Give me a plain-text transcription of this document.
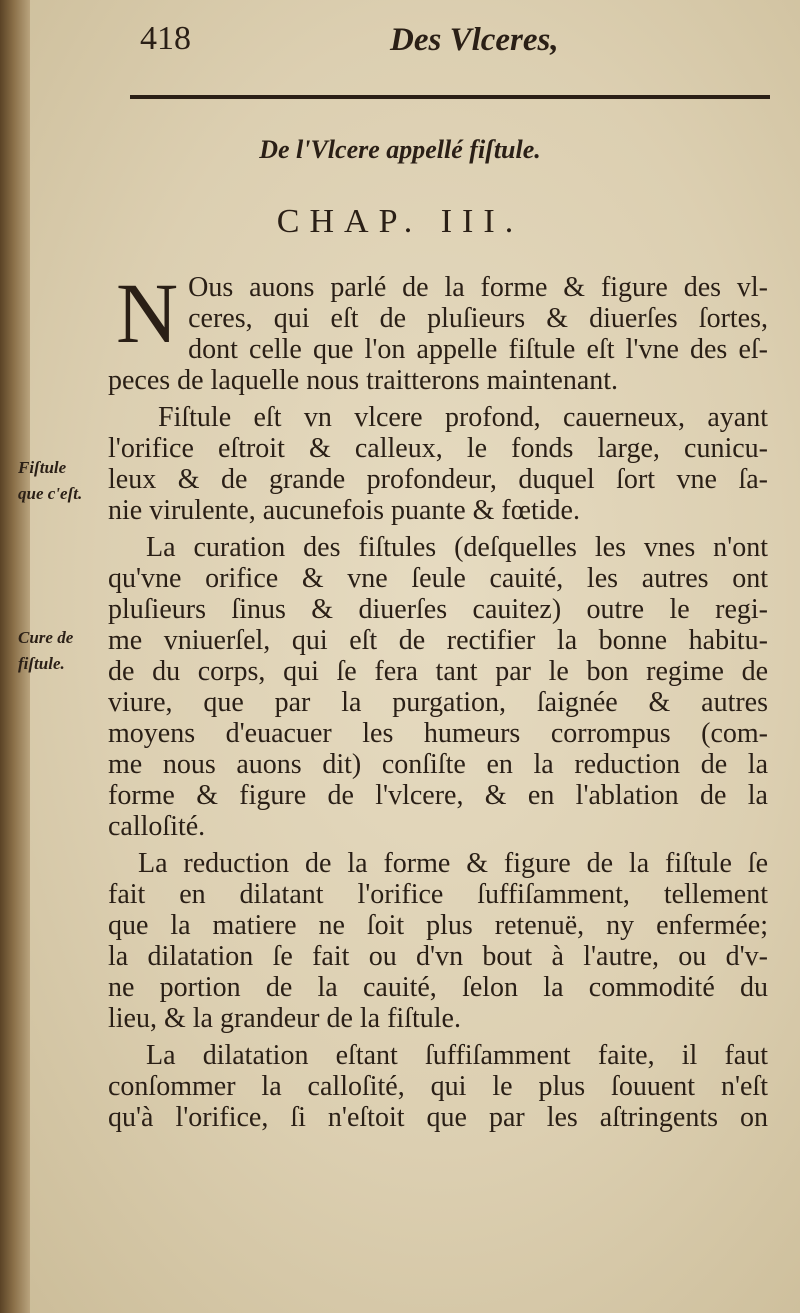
418	Des Vlceres,
De l'Vlcere appellé fiſtule.
CHAP. III.
Fiſtule
que c'eſt.
Cure de
fiſtule.
N Ous auons parlé de la forme & figure des vl-
ceres, qui eſt de pluſieurs & diuerſes ſortes,
dont celle que l'on appelle fiſtule eſt l'vne des eſ-
peces de laquelle nous traitterons maintenant.
Fiſtule eſt vn vlcere profond, cauerneux, ayant
l'orifice eſtroit & calleux, le fonds large, cunicu-
leux & de grande profondeur, duquel ſort vne ſa-
nie virulente, aucunefois puante & fœtide.
La curation des fiſtules (deſquelles les vnes n'ont
qu'vne orifice & vne ſeule cauité, les autres ont
pluſieurs ſinus & diuerſes cauitez) outre le regi-
me vniuerſel, qui eſt de rectifier la bonne habitu-
de du corps, qui ſe fera tant par le bon regime de
viure, que par la purgation, ſaignée & autres
moyens d'euacuer les humeurs corrompus (com-
me nous auons dit) conſiſte en la reduction de la
forme & figure de l'vlcere, & en l'ablation de la
calloſité.
La reduction de la forme & figure de la fiſtule ſe
fait en dilatant l'orifice ſuffiſamment, tellement
que la matiere ne ſoit plus retenuë, ny enfermée;
la dilatation ſe fait ou d'vn bout à l'autre, ou d'v-
ne portion de la cauité, ſelon la commodité du
lieu, & la grandeur de la fiſtule.
La dilatation eſtant ſuffiſamment faite, il faut
conſommer la calloſité, qui le plus ſouuent n'eſt
qu'à l'orifice, ſi n'eſtoit que par les aſtringents on
